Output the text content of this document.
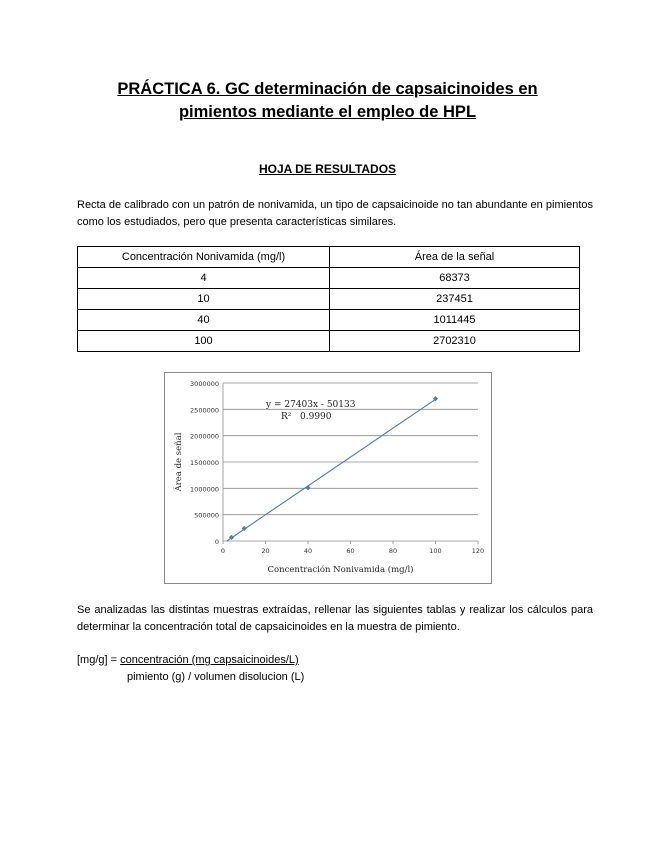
PRÁCTICA 6. GC determinación de capsaicinoides en
pimientos mediante el empleo de HPL
HOJA DE RESULTADOS
Recta de calibrado con un patrón de nonivamida, un tipo de capsaicinoide no tan abundante en pimientos como los estudiados, pero que presenta características similares.
Concentración Nonivamida (mg/l)	Área de la señal
4	68373
10	237451
40	1011445
100	2702310
0
500000
1000000
1500000
2000000
2500000
3000000
0	20	40	60	80	100	120
y = 27403x - 50133
R² 0.9990
Concentración Nonivamida (mg/l)
Área de señal
Se analizadas las distintas muestras extraídas, rellenar las siguientes tablas y realizar los cálculos para determinar la concentración total de capsaicinoides en la muestra de pimiento.
[mg/g] = concentración (mg capsaicinoides/L)
pimiento (g) / volumen disolucion (L)
